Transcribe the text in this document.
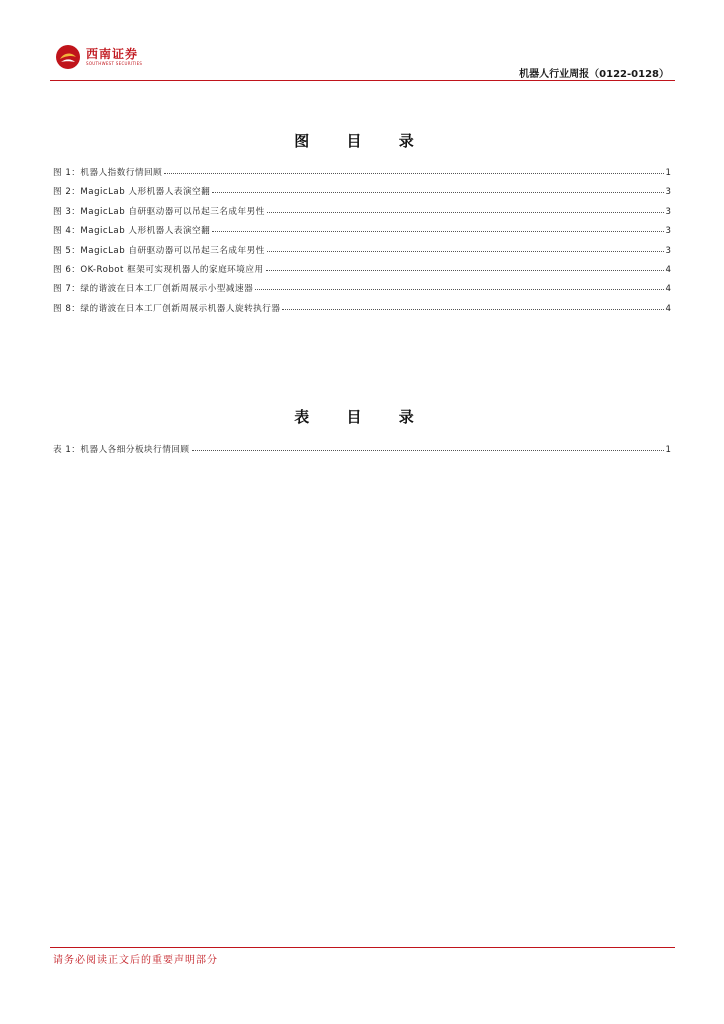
西南证券
SOUTHWEST SECURITIES
机器人行业周报（0122-0128）
图 目 录
图 1：机器人指数行情回顾	1
图 2：MagicLab 人形机器人表演空翻	3
图 3：MagicLab 自研驱动器可以吊起三名成年男性	3
图 4：MagicLab 人形机器人表演空翻	3
图 5：MagicLab 自研驱动器可以吊起三名成年男性	3
图 6：OK-Robot 框架可实现机器人的家庭环境应用	4
图 7：绿的谐波在日本工厂创新周展示小型减速器	4
图 8：绿的谐波在日本工厂创新周展示机器人旋转执行器	4
表 目 录
表 1：机器人各细分板块行情回顾	1
请务必阅读正文后的重要声明部分
